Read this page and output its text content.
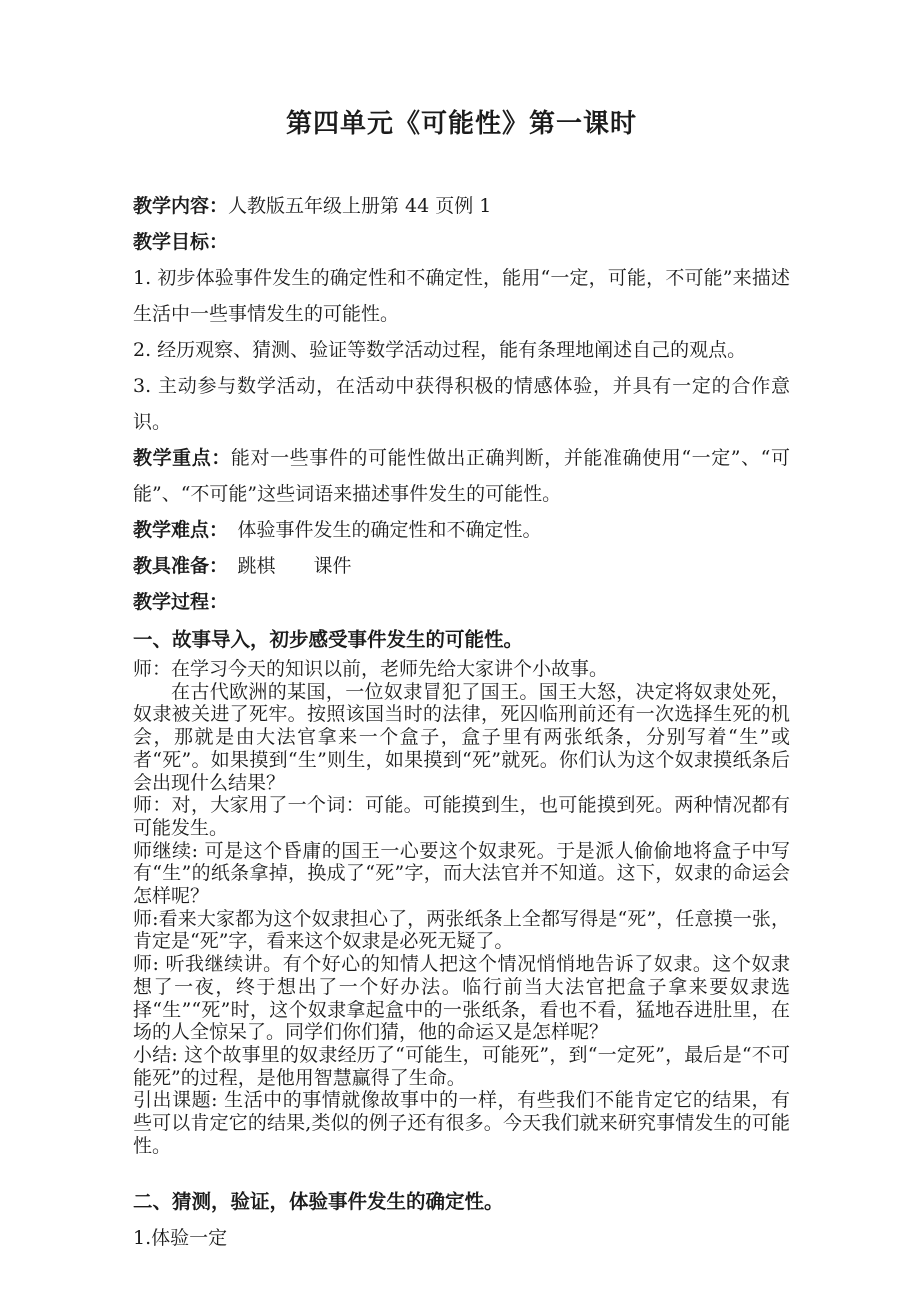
第四单元《可能性》第一课时

教学内容：人教版五年级上册第 44 页例 1

教学目标：

1. 初步体验事件发生的确定性和不确定性，能用“一定，可能，不可能”来描述生活中一些事情发生的可能性。

2. 经历观察、猜测、验证等数学活动过程，能有条理地阐述自己的观点。

3. 主动参与数学活动，在活动中获得积极的情感体验，并具有一定的合作意识。

教学重点：能对一些事件的可能性做出正确判断，并能准确使用“一定”、“可能”、“不可能”这些词语来描述事件发生的可能性。

教学难点：　体验事件发生的确定性和不确定性。

教具准备：　跳棋　　课件

教学过程：

一、故事导入，初步感受事件发生的可能性。

师：在学习今天的知识以前，老师先给大家讲个小故事。

在古代欧洲的某国，一位奴隶冒犯了国王。国王大怒，决定将奴隶处死，奴隶被关进了死牢。按照该国当时的法律，死囚临刑前还有一次选择生死的机会，那就是由大法官拿来一个盒子，盒子里有两张纸条，分别写着“生”或者“死”。如果摸到“生”则生，如果摸到“死”就死。你们认为这个奴隶摸纸条后会出现什么结果？

师：对，大家用了一个词：可能。可能摸到生，也可能摸到死。两种情况都有可能发生。

师继续: 可是这个昏庸的国王一心要这个奴隶死。于是派人偷偷地将盒子中写有“生”的纸条拿掉，换成了“死”字，而大法官并不知道。这下，奴隶的命运会怎样呢？

师:看来大家都为这个奴隶担心了，两张纸条上全都写得是“死”，任意摸一张，肯定是“死”字，看来这个奴隶是必死无疑了。

师: 听我继续讲。有个好心的知情人把这个情况悄悄地告诉了奴隶。这个奴隶想了一夜，终于想出了一个好办法。临行前当大法官把盒子拿来要奴隶选择“生”“死”时，这个奴隶拿起盒中的一张纸条，看也不看，猛地吞进肚里，在场的人全惊呆了。同学们你们猜，他的命运又是怎样呢？

小结: 这个故事里的奴隶经历了“可能生，可能死”，到“一定死”，最后是“不可能死”的过程，是他用智慧赢得了生命。

引出课题: 生活中的事情就像故事中的一样，有些我们不能肯定它的结果，有些可以肯定它的结果,类似的例子还有很多。今天我们就来研究事情发生的可能性。

二、猜测，验证，体验事件发生的确定性。

1.体验一定
